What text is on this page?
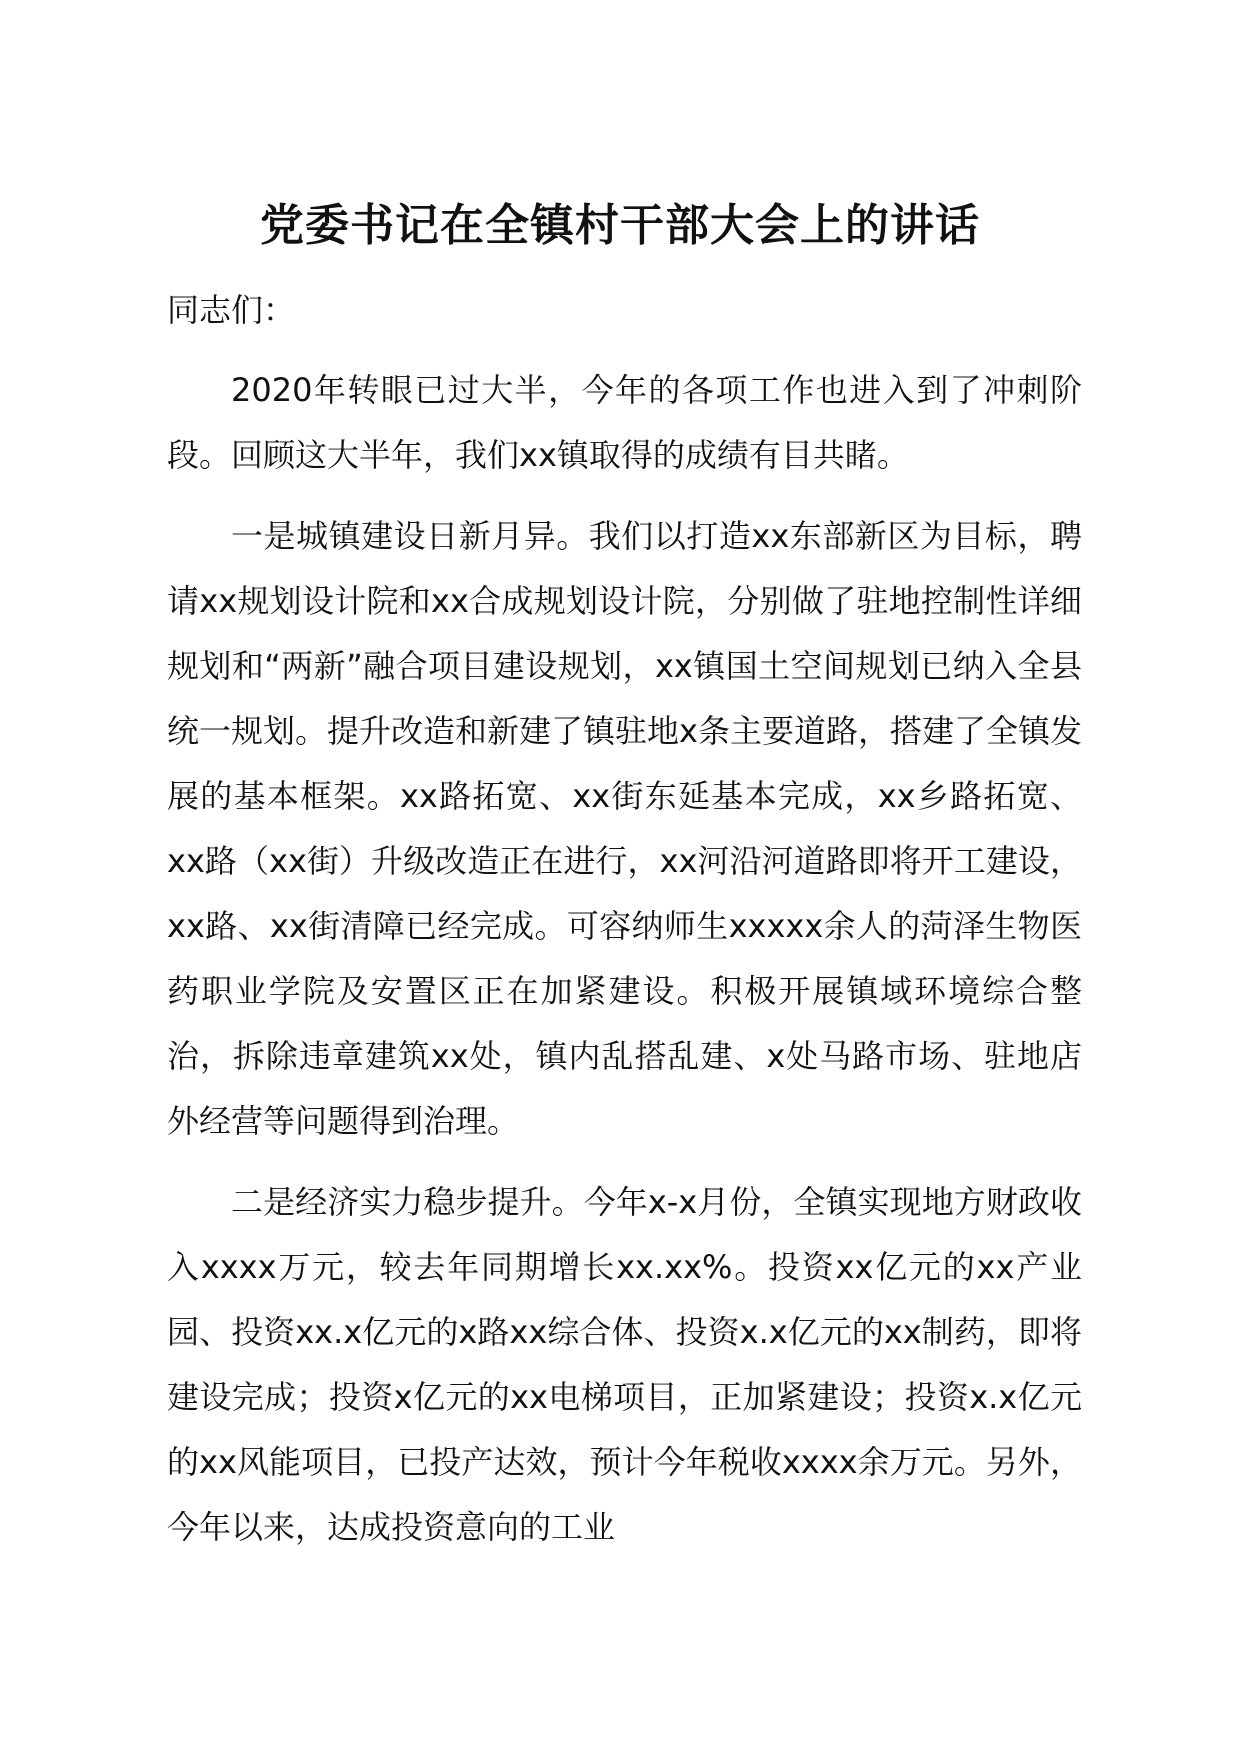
党委书记在全镇村干部大会上的讲话

同志们：

2020年转眼已过大半，今年的各项工作也进入到了冲刺阶段。回顾这大半年，我们xx镇取得的成绩有目共睹。

一是城镇建设日新月异。我们以打造xx东部新区为目标，聘请xx规划设计院和xx合成规划设计院，分别做了驻地控制性详细规划和“两新”融合项目建设规划，xx镇国土空间规划已纳入全县统一规划。提升改造和新建了镇驻地x条主要道路，搭建了全镇发展的基本框架。xx路拓宽、xx街东延基本完成，xx乡路拓宽、xx路（xx街）升级改造正在进行，xx河沿河道路即将开工建设，xx路、xx街清障已经完成。可容纳师生xxxxx余人的菏泽生物医药职业学院及安置区正在加紧建设。积极开展镇域环境综合整治，拆除违章建筑xx处，镇内乱搭乱建、x处马路市场、驻地店外经营等问题得到治理。

二是经济实力稳步提升。今年x-x月份，全镇实现地方财政收入xxxx万元，较去年同期增长xx.xx%。投资xx亿元的xx产业园、投资xx.x亿元的x路xx综合体、投资x.x亿元的xx制药，即将建设完成；投资x亿元的xx电梯项目，正加紧建设；投资x.x亿元的xx风能项目，已投产达效，预计今年税收xxxx余万元。另外，今年以来，达成投资意向的工业
